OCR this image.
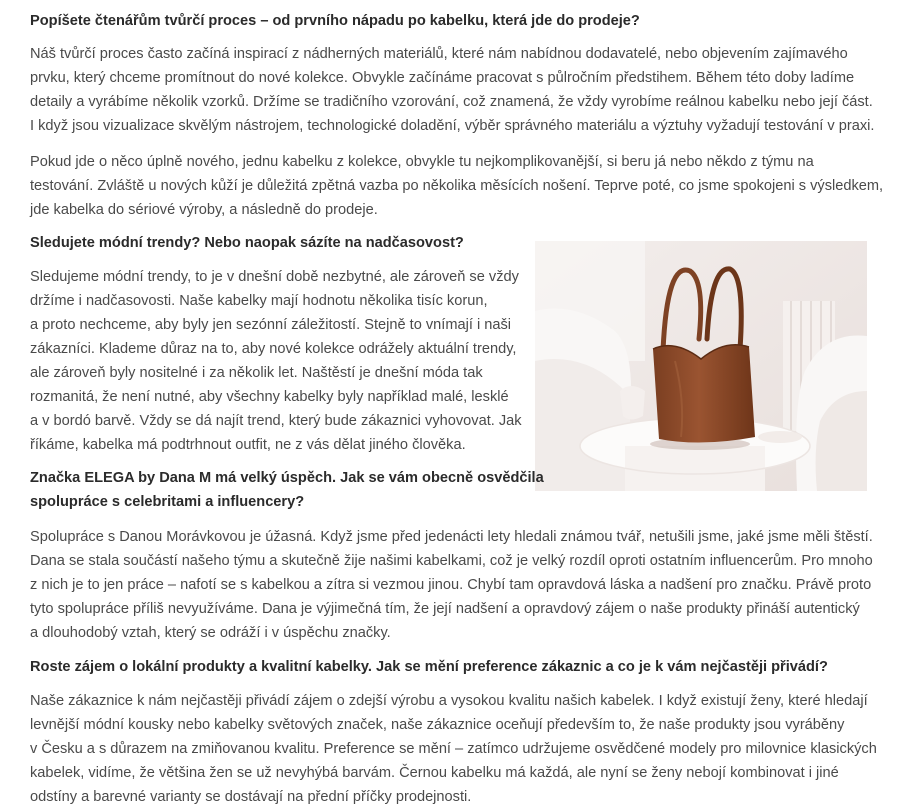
Popíšete čtenářům tvůrčí proces – od prvního nápadu po kabelku, která jde do prodeje?
Náš tvůrčí proces často začíná inspirací z nádherných materiálů, které nám nabídnou dodavatelé, nebo objevením zajímavého
prvku, který chceme promítnout do nové kolekce. Obvykle začínáme pracovat s půlročním předstihem. Během této doby ladíme
detaily a vyrábíme několik vzorků. Držíme se tradičního vzorování, což znamená, že vždy vyrobíme reálnou kabelku nebo její část.
I když jsou vizualizace skvělým nástrojem, technologické doladění, výběr správného materiálu a výztuhy vyžadují testování v praxi.
Pokud jde o něco úplně nového, jednu kabelku z kolekce, obvykle tu nejkomplikovanější, si beru já nebo někdo z týmu na
testování. Zvláště u nových kůží je důležitá zpětná vazba po několika měsících nošení. Teprve poté, co jsme spokojeni s výsledkem,
jde kabelka do sériové výroby, a následně do prodeje.
Sledujete módní trendy? Nebo naopak sázíte na nadčasovost?
Sledujeme módní trendy, to je v dnešní době nezbytné, ale zároveň se vždy
držíme i nadčasovosti. Naše kabelky mají hodnotu několika tisíc korun,
a proto nechceme, aby byly jen sezónní záležitostí. Stejně to vnímají i naši
zákazníci. Klademe důraz na to, aby nové kolekce odrážely aktuální trendy,
ale zároveň byly nositelné i za několik let. Naštěstí je dnešní móda tak
rozmanitá, že není nutné, aby všechny kabelky byly například malé, lesklé
a v bordó barvě. Vždy se dá najít trend, který bude zákaznici vyhovovat. Jak
říkáme, kabelka má podtrhnout outfit, ne z vás dělat jiného člověka.
Značka ELEGA by Dana M má velký úspěch. Jak se vám obecně osvědčila
spolupráce s celebritami a influencery?
Spolupráce s Danou Morávkovou je úžasná. Když jsme před jedenácti lety hledali známou tvář, netušili jsme, jaké jsme měli štěstí.
Dana se stala součástí našeho týmu a skutečně žije našimi kabelkami, což je velký rozdíl oproti ostatním influencerům. Pro mnoho
z nich je to jen práce – nafotí se s kabelkou a zítra si vezmou jinou. Chybí tam opravdová láska a nadšení pro značku. Právě proto
tyto spolupráce příliš nevyužíváme. Dana je výjimečná tím, že její nadšení a opravdový zájem o naše produkty přináší autentický
a dlouhodobý vztah, který se odráží i v úspěchu značky.
Roste zájem o lokální produkty a kvalitní kabelky. Jak se mění preference zákaznic a co je k vám nejčastěji přivádí?
Naše zákaznice k nám nejčastěji přivádí zájem o zdejší výrobu a vysokou kvalitu našich kabelek. I když existují ženy, které hledají
levnější módní kousky nebo kabelky světových značek, naše zákaznice oceňují především to, že naše produkty jsou vyráběny
v Česku a s důrazem na zmiňovanou kvalitu. Preference se mění – zatímco udržujeme osvědčené modely pro milovnice klasických
kabelek, vidíme, že většina žen se už nevyhýbá barvám. Černou kabelku má každá, ale nyní se ženy nebojí kombinovat i jiné
odstíny a barevné varianty se dostávají na přední příčky prodejnosti.
